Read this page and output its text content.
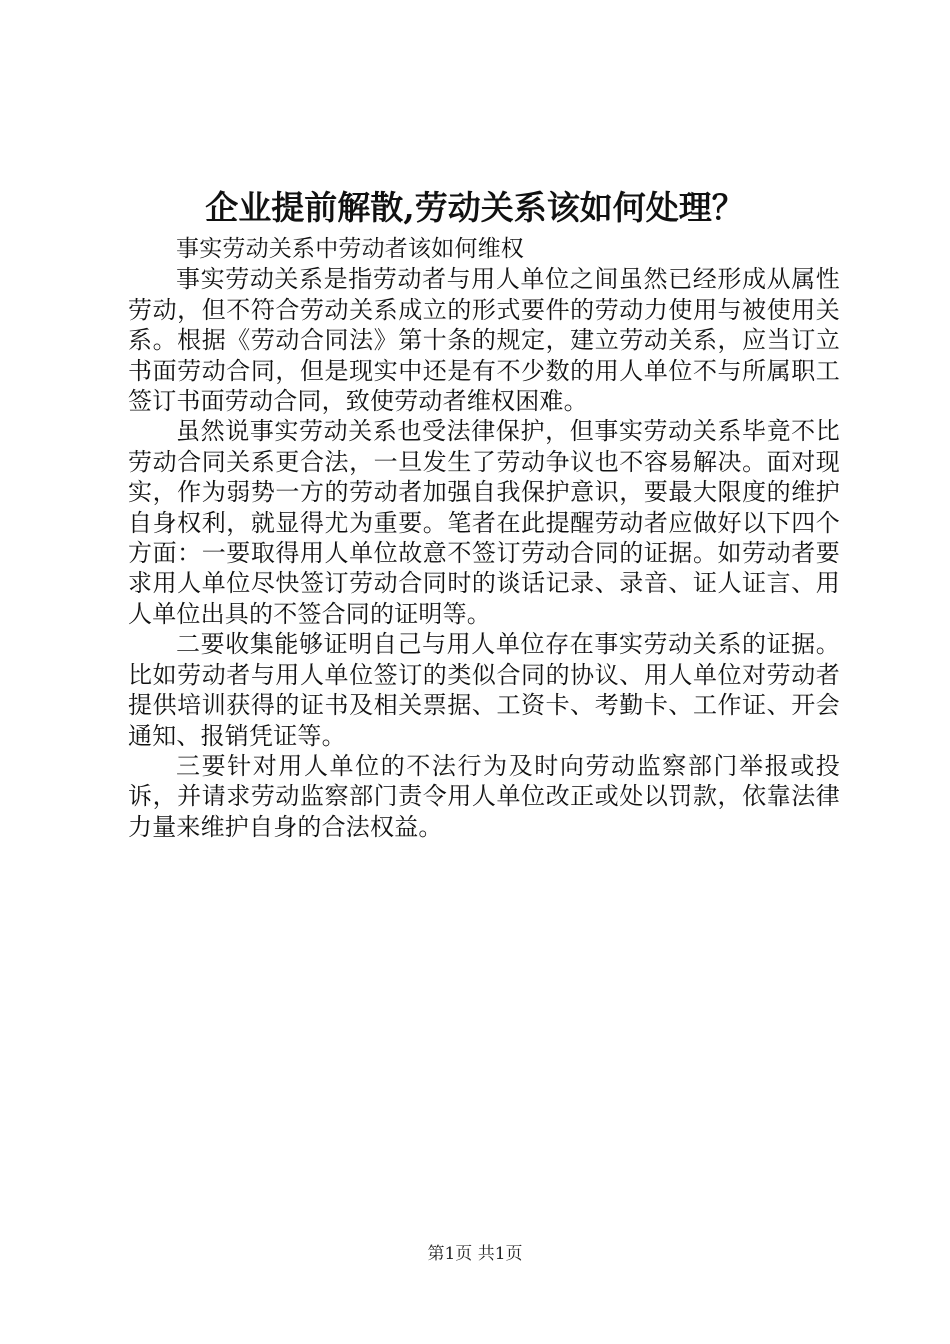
企业提前解散,劳动关系该如何处理？
事实劳动关系中劳动者该如何维权

事实劳动关系是指劳动者与用人单位之间虽然已经形成从属性劳动，但不符合劳动关系成立的形式要件的劳动力使用与被使用关系。根据《劳动合同法》第十条的规定，建立劳动关系，应当订立书面劳动合同，但是现实中还是有不少数的用人单位不与所属职工签订书面劳动合同，致使劳动者维权困难。

虽然说事实劳动关系也受法律保护，但事实劳动关系毕竟不比劳动合同关系更合法，一旦发生了劳动争议也不容易解决。面对现实，作为弱势一方的劳动者加强自我保护意识，要最大限度的维护自身权利，就显得尤为重要。笔者在此提醒劳动者应做好以下四个方面：一要取得用人单位故意不签订劳动合同的证据。如劳动者要求用人单位尽快签订劳动合同时的谈话记录、录音、证人证言、用人单位出具的不签合同的证明等。

二要收集能够证明自己与用人单位存在事实劳动关系的证据。比如劳动者与用人单位签订的类似合同的协议、用人单位对劳动者提供培训获得的证书及相关票据、工资卡、考勤卡、工作证、开会通知、报销凭证等。

三要针对用人单位的不法行为及时向劳动监察部门举报或投诉，并请求劳动监察部门责令用人单位改正或处以罚款，依靠法律力量来维护自身的合法权益。

第1页 共1页
